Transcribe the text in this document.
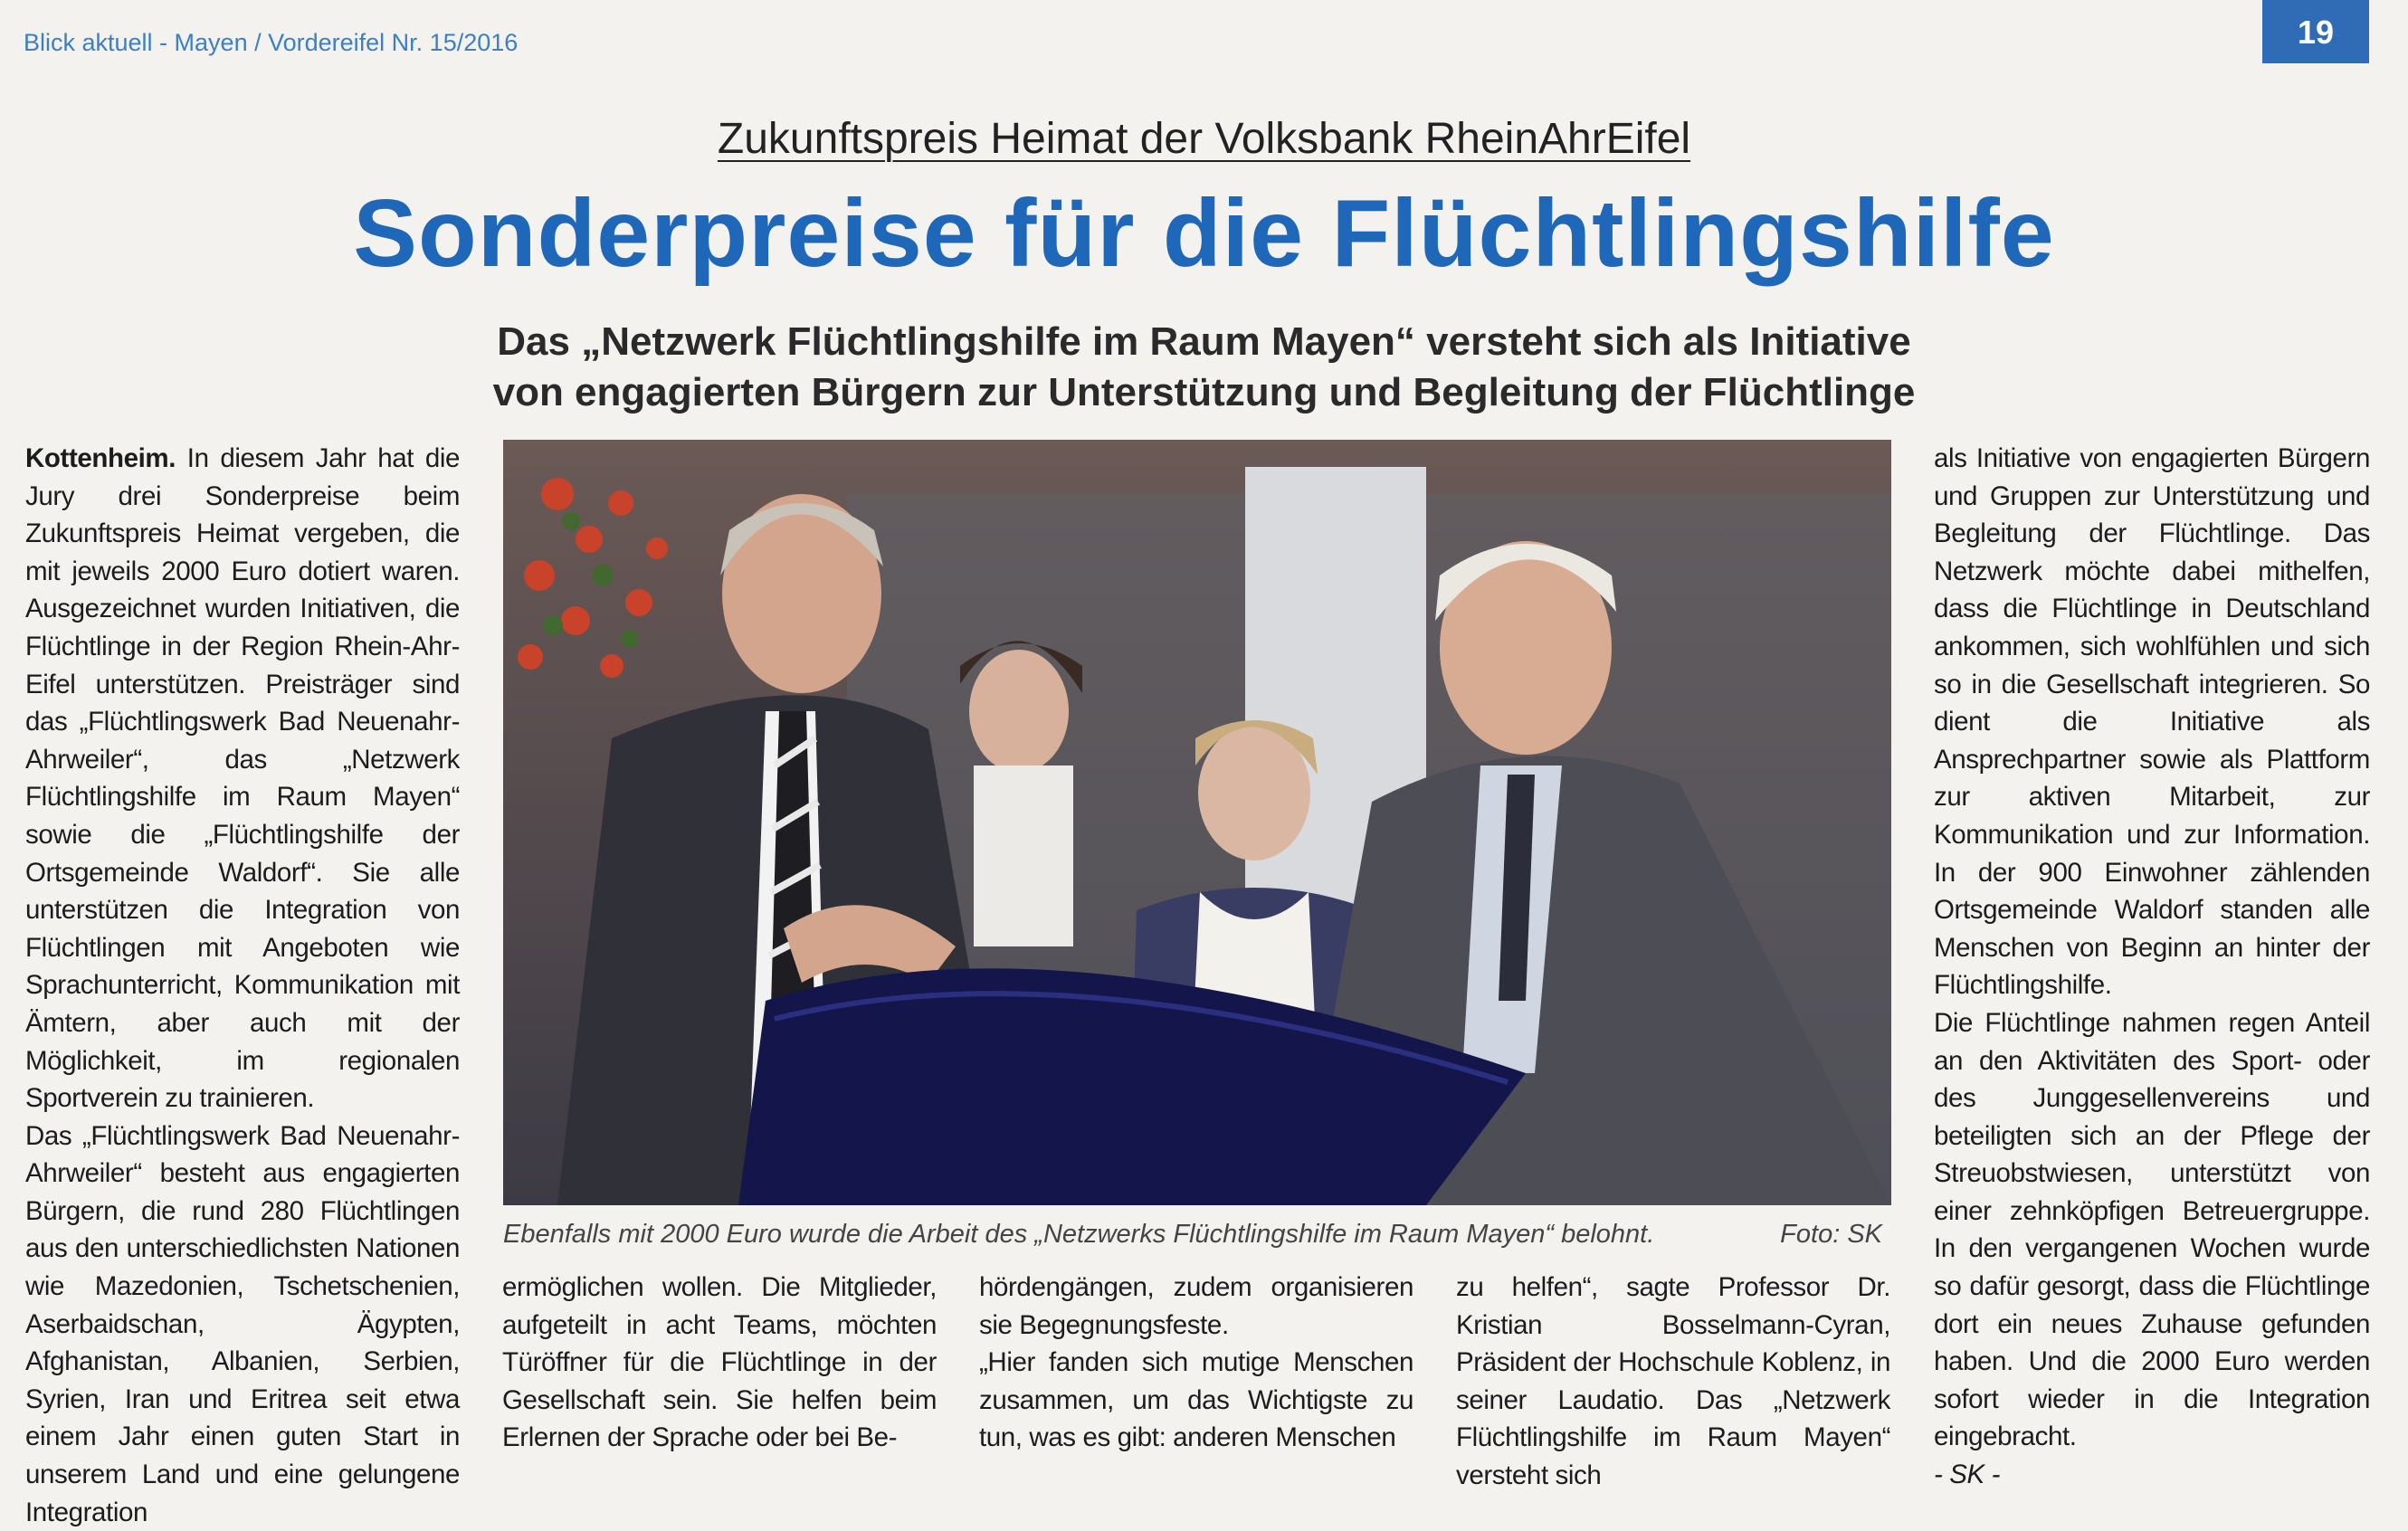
Blick aktuell - Mayen / Vordereifel Nr. 15/2016	19
Zukunftspreis Heimat der Volksbank RheinAhrEifel
Sonderpreise für die Flüchtlingshilfe
Das „Netzwerk Flüchtlingshilfe im Raum Mayen“ versteht sich als Initiative
von engagierten Bürgern zur Unterstützung und Begleitung der Flüchtlinge

Kottenheim. In diesem Jahr hat die Jury drei Sonderpreise beim Zukunftspreis Heimat vergeben, die mit jeweils 2000 Euro dotiert waren. Ausgezeichnet wurden Initiativen, die Flüchtlinge in der Region Rhein-Ahr-Eifel unterstützen. Preisträger sind das „Flüchtlingswerk Bad Neuenahr-Ahrweiler“, das „Netzwerk Flüchtlingshilfe im Raum Mayen“ sowie die „Flüchtlingshilfe der Ortsgemeinde Waldorf“. Sie alle unterstützen die Integration von Flüchtlingen mit Angeboten wie Sprachunterricht, Kommunikation mit Ämtern, aber auch mit der Möglichkeit, im regionalen Sportverein zu trainieren.

Das „Flüchtlingswerk Bad Neuenahr-Ahrweiler“ besteht aus engagierten Bürgern, die rund 280 Flüchtlingen aus den unterschiedlichsten Nationen wie Mazedonien, Tschetschenien, Aserbaidschan, Ägypten, Afghanistan, Albanien, Serbien, Syrien, Iran und Eritrea seit etwa einem Jahr einen guten Start in unserem Land und eine gelungene Integration

Ebenfalls mit 2000 Euro wurde die Arbeit des „Netzwerks Flüchtlingshilfe im Raum Mayen“ belohnt.	Foto: SK

ermöglichen wollen. Die Mitglieder, aufgeteilt in acht Teams, möchten Türöffner für die Flüchtlinge in der Gesellschaft sein. Sie helfen beim Erlernen der Sprache oder bei Be-

hördengängen, zudem organisieren sie Begegnungsfeste.

„Hier fanden sich mutige Menschen zusammen, um das Wichtigste zu tun, was es gibt: anderen Menschen

zu helfen“, sagte Professor Dr. Kristian Bosselmann-Cyran, Präsident der Hochschule Koblenz, in seiner Laudatio. Das „Netzwerk Flüchtlingshilfe im Raum Mayen“ versteht sich

als Initiative von engagierten Bürgern und Gruppen zur Unterstützung und Begleitung der Flüchtlinge. Das Netzwerk möchte dabei mithelfen, dass die Flüchtlinge in Deutschland ankommen, sich wohlfühlen und sich so in die Gesellschaft integrieren. So dient die Initiative als Ansprechpartner sowie als Plattform zur aktiven Mitarbeit, zur Kommunikation und zur Information. In der 900 Einwohner zählenden Ortsgemeinde Waldorf standen alle Menschen von Beginn an hinter der Flüchtlingshilfe.

Die Flüchtlinge nahmen regen Anteil an den Aktivitäten des Sport- oder des Junggesellenvereins und beteiligten sich an der Pflege der Streuobstwiesen, unterstützt von einer zehnköpfigen Betreuergruppe. In den vergangenen Wochen wurde so dafür gesorgt, dass die Flüchtlinge dort ein neues Zuhause gefunden haben. Und die 2000 Euro werden sofort wieder in die Integration eingebracht.

- SK -
